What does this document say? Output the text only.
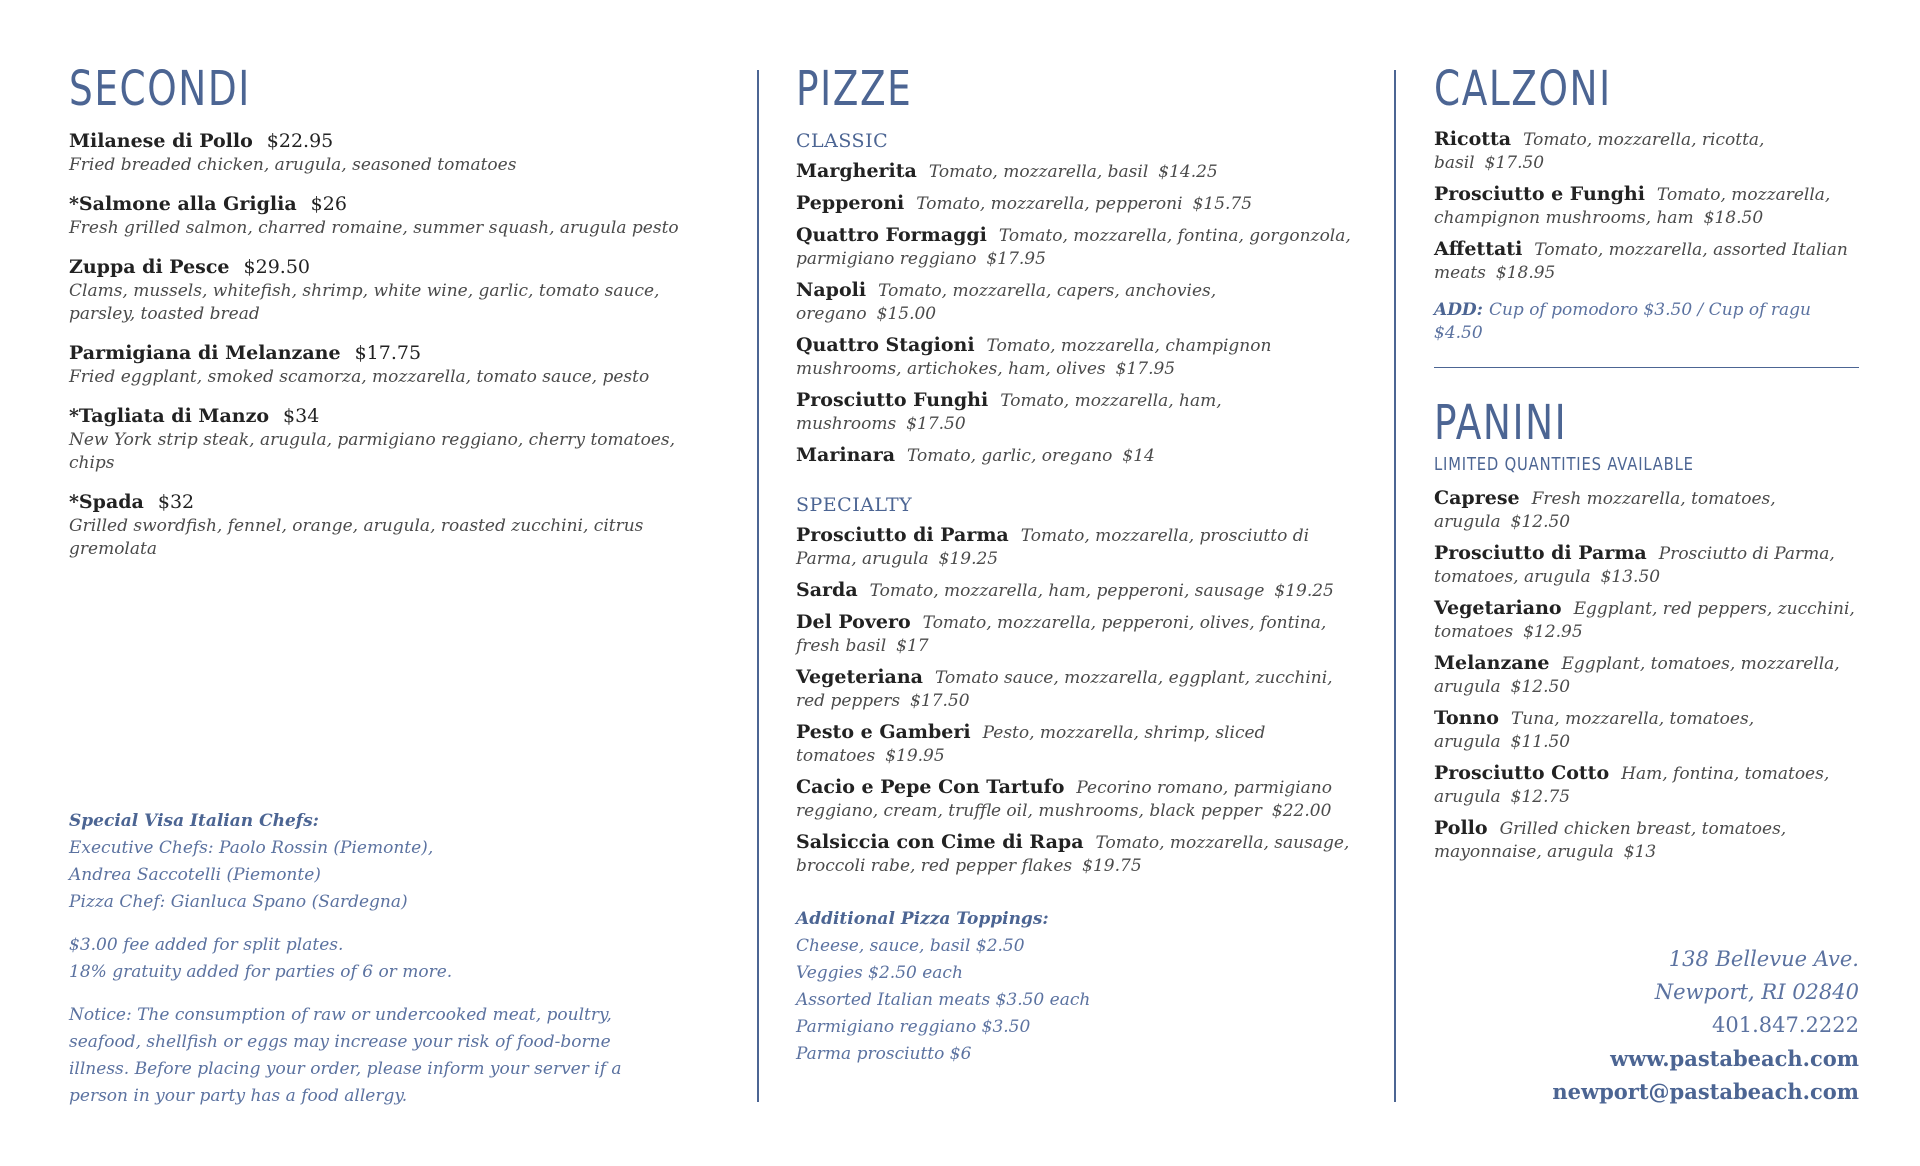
SECONDI
Milanese di Pollo $22.95
Fried breaded chicken, arugula, seasoned tomatoes
*Salmone alla Griglia $26
Fresh grilled salmon, charred romaine, summer squash, arugula pesto
Zuppa di Pesce $29.50
Clams, mussels, whitefish, shrimp, white wine, garlic, tomato sauce, parsley, toasted bread
Parmigiana di Melanzane $17.75
Fried eggplant, smoked scamorza, mozzarella, tomato sauce, pesto
*Tagliata di Manzo $34
New York strip steak, arugula, parmigiano reggiano, cherry tomatoes, chips
*Spada $32
Grilled swordfish, fennel, orange, arugula, roasted zucchini, citrus gremolata
Special Visa Italian Chefs:
Executive Chefs: Paolo Rossin (Piemonte),
Andrea Saccotelli (Piemonte)
Pizza Chef: Gianluca Spano (Sardegna)
$3.00 fee added for split plates.
18% gratuity added for parties of 6 or more.
Notice: The consumption of raw or undercooked meat, poultry, seafood, shellfish or eggs may increase your risk of food-borne illness. Before placing your order, please inform your server if a person in your party has a food allergy.
PIZZE
CLASSIC
Margherita Tomato, mozzarella, basil $14.25
Pepperoni Tomato, mozzarella, pepperoni $15.75
Quattro Formaggi Tomato, mozzarella, fontina, gorgonzola, parmigiano reggiano $17.95
Napoli Tomato, mozzarella, capers, anchovies, oregano $15.00
Quattro Stagioni Tomato, mozzarella, champignon mushrooms, artichokes, ham, olives $17.95
Prosciutto Funghi Tomato, mozzarella, ham, mushrooms $17.50
Marinara Tomato, garlic, oregano $14
SPECIALTY
Prosciutto di Parma Tomato, mozzarella, prosciutto di Parma, arugula $19.25
Sarda Tomato, mozzarella, ham, pepperoni, sausage $19.25
Del Povero Tomato, mozzarella, pepperoni, olives, fontina, fresh basil $17
Vegeteriana Tomato sauce, mozzarella, eggplant, zucchini, red peppers $17.50
Pesto e Gamberi Pesto, mozzarella, shrimp, sliced tomatoes $19.95
Cacio e Pepe Con Tartufo Pecorino romano, parmigiano reggiano, cream, truffle oil, mushrooms, black pepper $22.00
Salsiccia con Cime di Rapa Tomato, mozzarella, sausage, broccoli rabe, red pepper flakes $19.75
Additional Pizza Toppings:
Cheese, sauce, basil $2.50
Veggies $2.50 each
Assorted Italian meats $3.50 each
Parmigiano reggiano $3.50
Parma prosciutto $6
CALZONI
Ricotta Tomato, mozzarella, ricotta, basil $17.50
Prosciutto e Funghi Tomato, mozzarella, champignon mushrooms, ham $18.50
Affettati Tomato, mozzarella, assorted Italian meats $18.95
ADD: Cup of pomodoro $3.50 / Cup of ragu $4.50
PANINI
LIMITED QUANTITIES AVAILABLE
Caprese Fresh mozzarella, tomatoes, arugula $12.50
Prosciutto di Parma Prosciutto di Parma, tomatoes, arugula $13.50
Vegetariano Eggplant, red peppers, zucchini, tomatoes $12.95
Melanzane Eggplant, tomatoes, mozzarella, arugula $12.50
Tonno Tuna, mozzarella, tomatoes, arugula $11.50
Prosciutto Cotto Ham, fontina, tomatoes, arugula $12.75
Pollo Grilled chicken breast, tomatoes, mayonnaise, arugula $13
138 Bellevue Ave.
Newport, RI 02840
401.847.2222
www.pastabeach.com
newport@pastabeach.com
